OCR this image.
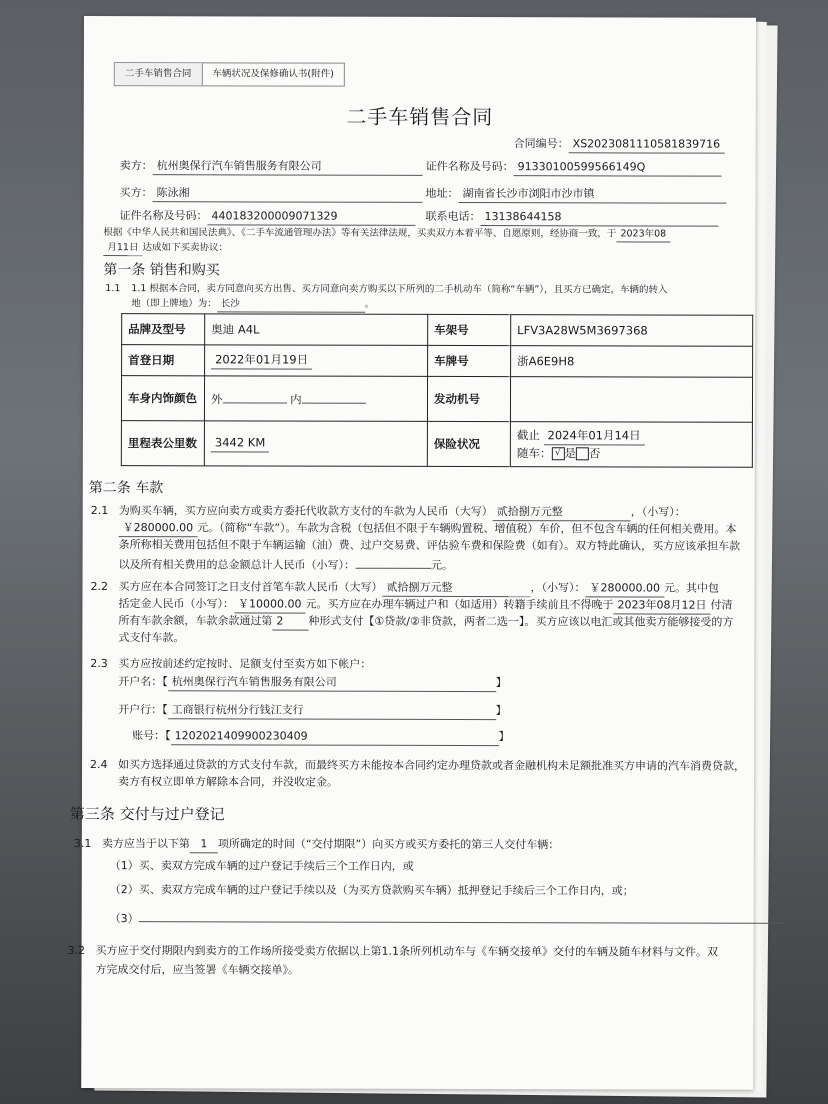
二手车销售合同	车辆状况及保修确认书(附件)
二手车销售合同
合同编号： XS2023081110581839716
卖方： 杭州奥保行汽车销售服务有限公司	证件名称及号码： 91330100599566149Q
买方： 陈泳湘	地址： 湖南省长沙市浏阳市沙市镇
证件名称及号码： 440183200009071329	联系电话： 13138644158
根据《中华人民共和国民法典》、《二手车流通管理办法》等有关法律法规，买卖双方本着平等、自愿原则，经协商一致，于 2023年08
月11日 达成如下买卖协议：
第一条 销售和购买
1.1 1.1 根据本合同，卖方同意向买方出售、买方同意向卖方购买以下所列的二手机动车（简称“车辆”），且买方已确定，车辆的转入
地（即上牌地）为： 长沙	。
品牌及型号	奥迪 A4L	车架号	LFV3A28W5M3697368
首登日期	2022年01月19日	车牌号	浙A6E9H8
车身内饰颜色	外 内	发动机号	
里程表公里数	3442 KM	保险状况	截止 2024年01月14日
随车： √ 是 否
第二条 车款
2.1 为购买车辆，买方应向卖方或卖方委托代收款方支付的车款为人民币（大写） 贰拾捌万元整	，（小写）：
￥280000.00 元。（简称“车款”）。车款为含税（包括但不限于车辆购置税、增值税）车价，但不包含车辆的任何相关费用。本
条所称相关费用包括但不限于车辆运输（油）费、过户交易费、评估验车费和保险费（如有）。双方特此确认，买方应该承担车款
以及所有相关费用的总金额总计人民币（小写）：	元。
2.2 买方应在本合同签订之日支付首笔车款人民币（大写） 贰拾捌万元整	，（小写）： ￥280000.00 元。其中包
括定金人民币（小写）： ￥10000.00 元。买方应在办理车辆过户和（如适用）转籍手续前且不得晚于 2023年08月12日 付清
所有车款余额，车款余款通过第 2 种形式支付【①贷款/②非贷款，两者二选一】。买方应该以电汇或其他卖方能够接受的方
式支付车款。
2.3 买方应按前述约定按时、足额支付至卖方如下帐户：
开户名：【 杭州奥保行汽车销售服务有限公司	】
开户行：【 工商银行杭州分行钱江支行	】
账号：【 1202021409900230409	】
2.4 如买方选择通过贷款的方式支付车款，而最终买方未能按本合同约定办理贷款或者金融机构未足额批准买方申请的汽车消费贷款，
卖方有权立即单方解除本合同，并没收定金。
第三条 交付与过户登记
3.1 卖方应当于以下第 1 项所确定的时间（“交付期限”）向买方或买方委托的第三人交付车辆：
（1）买、卖双方完成车辆的过户登记手续后三个工作日内，或
（2）买、卖双方完成车辆的过户登记手续以及（为买方贷款购买车辆）抵押登记手续后三个工作日内，或；
（3）
3.2 买方应于交付期限内到卖方的工作场所接受卖方依据以上第1.1条所列机动车与《车辆交接单》交付的车辆及随车材料与文件。双
方完成交付后，应当签署《车辆交接单》。
